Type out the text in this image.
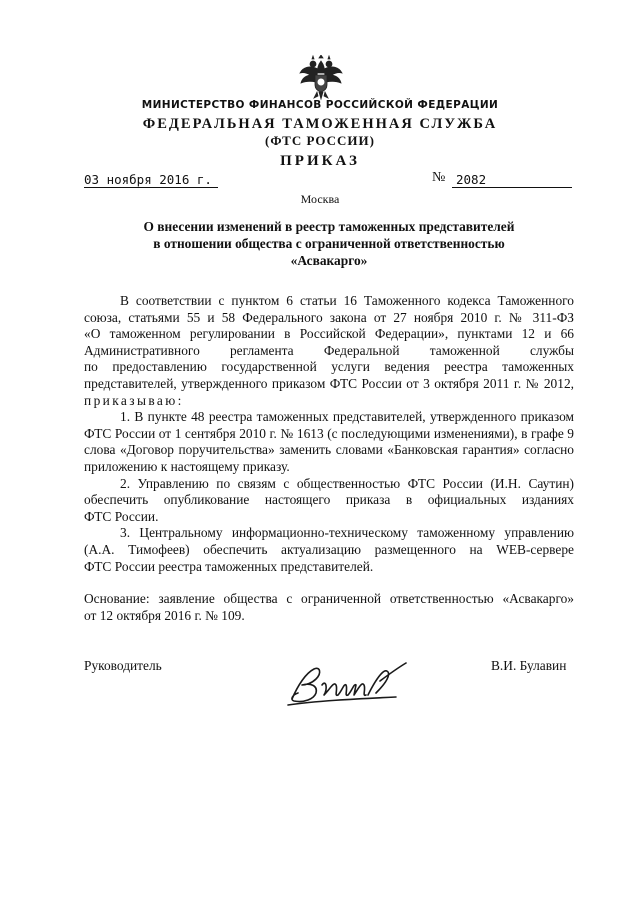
МИНИСТЕРСТВО ФИНАНСОВ РОССИЙСКОЙ ФЕДЕРАЦИИ
ФЕДЕРАЛЬНАЯ ТАМОЖЕННАЯ СЛУЖБА
(ФТС РОССИИ)
ПРИКАЗ
03 ноября 2016 г.	№ 2082
Москва
О внесении изменений в реестр таможенных представителей
в отношении общества с ограниченной ответственностью
«Асвакарго»
В соответствии с пунктом 6 статьи 16 Таможенного кодекса Таможенного
союза, статьями 55 и 58 Федерального закона от 27 ноября 2010 г. № 311-ФЗ
«О таможенном регулировании в Российской Федерации», пунктами 12 и 66
Административного регламента Федеральной таможенной службы
по предоставлению государственной услуги ведения реестра таможенных
представителей, утвержденного приказом ФТС России от 3 октября 2011 г. № 2012,
приказываю:
1. В пункте 48 реестра таможенных представителей, утвержденного приказом
ФТС России от 1 сентября 2010 г. № 1613 (с последующими изменениями), в графе 9
слова «Договор поручительства» заменить словами «Банковская гарантия» согласно
приложению к настоящему приказу.
2. Управлению по связям с общественностью ФТС России (И.Н. Саутин)
обеспечить опубликование настоящего приказа в официальных изданиях
ФТС России.
3. Центральному информационно-техническому таможенному управлению
(А.А. Тимофеев) обеспечить актуализацию размещенного на WEB-сервере
ФТС России реестра таможенных представителей.
Основание: заявление общества с ограниченной ответственностью «Асвакарго»
от 12 октября 2016 г. № 109.
Руководитель	В.И. Булавин
